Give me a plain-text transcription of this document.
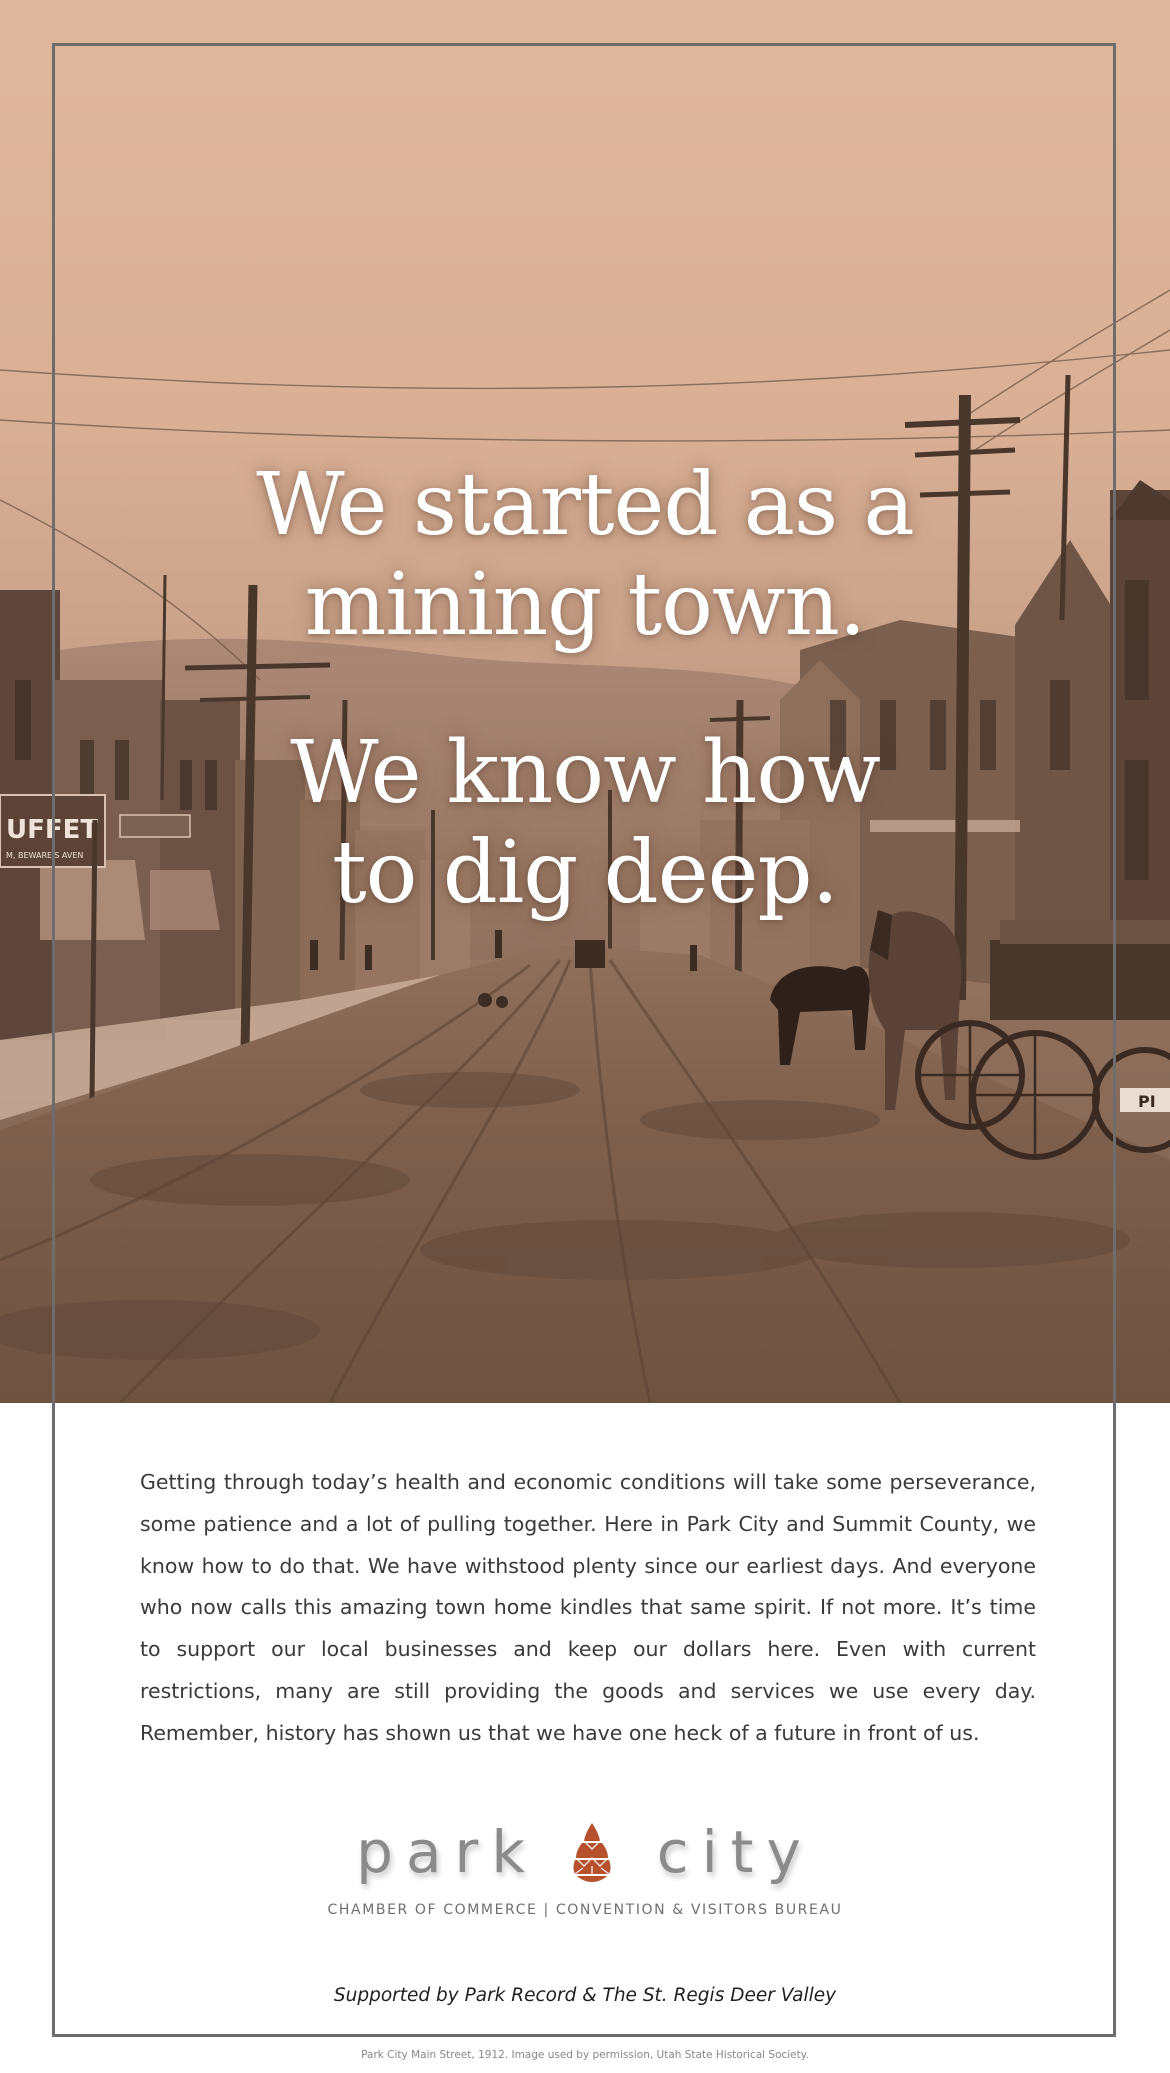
UFFET
M, BEWARE'S AVEN
PI
We started as a
mining town.
We know how
to dig deep.

Getting through today’s health and economic conditions will take some perseverance, some patience and a lot of pulling together. Here in Park City and Summit County, we know how to do that. We have withstood plenty since our earliest days. And everyone who now calls this amazing town home kindles that same spirit. If not more. It’s time to support our local businesses and keep our dollars here. Even with current restrictions, many are still providing the goods and services we use every day. Remember, history has shown us that we have one heck of a future in front of us.

park city

CHAMBER OF COMMERCE | CONVENTION & VISITORS BUREAU

Supported by Park Record & The St. Regis Deer Valley

Park City Main Street, 1912. Image used by permission, Utah State Historical Society.
